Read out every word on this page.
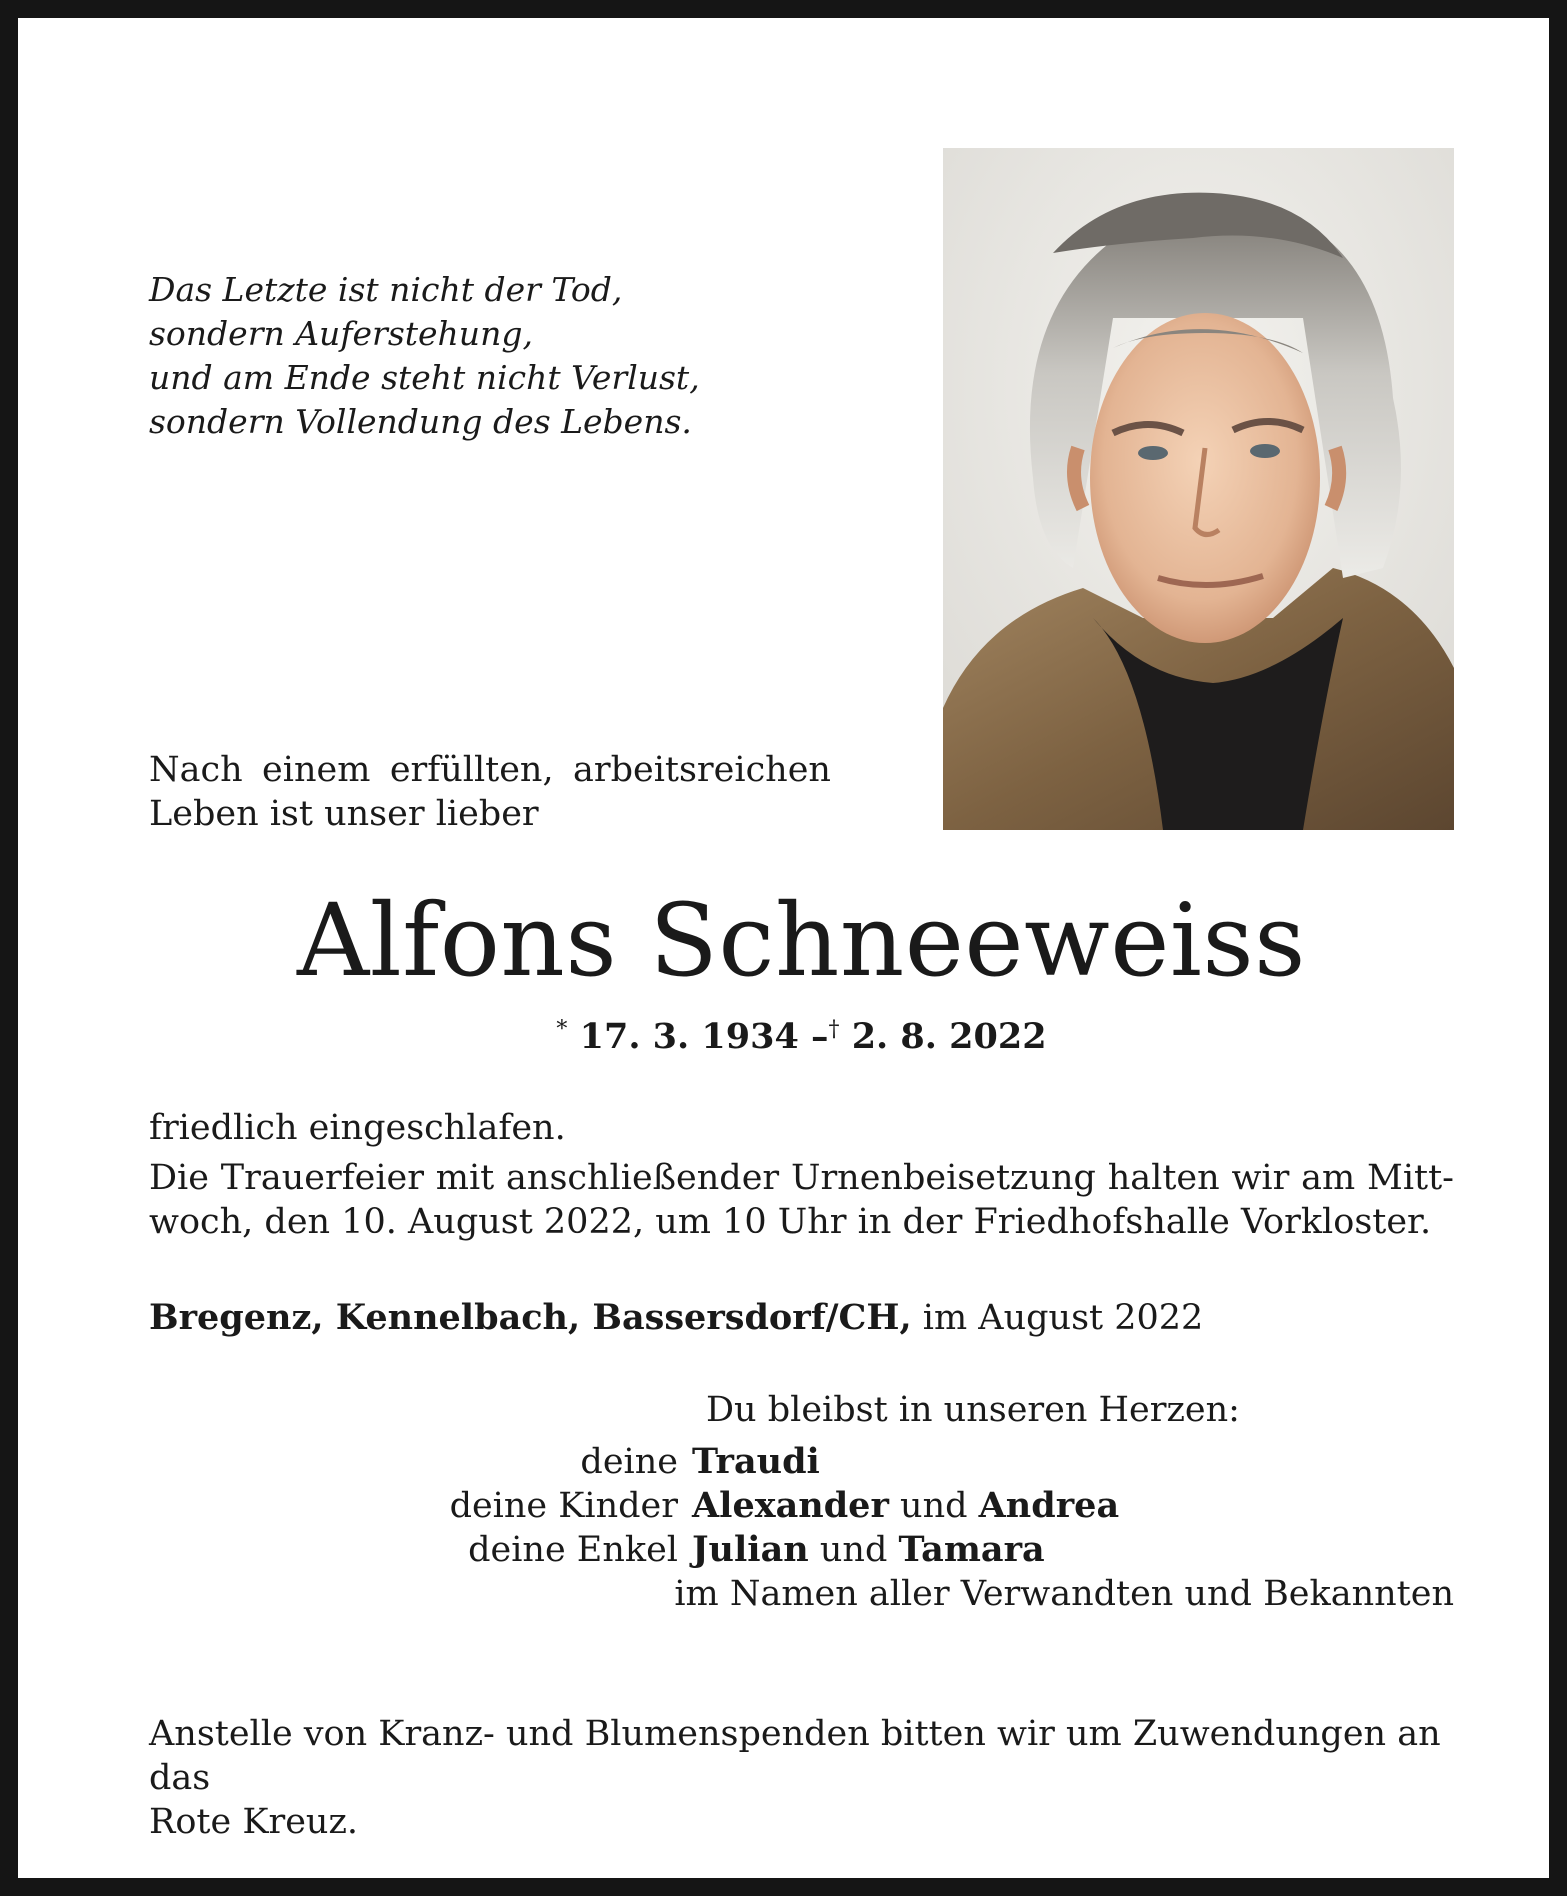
Das Letzte ist nicht der Tod,
sondern Auferstehung,
und am Ende steht nicht Verlust,
sondern Vollendung des Lebens.
Nach einem erfüllten, arbeitsreichen
Leben ist unser lieber
Alfons Schneeweiss
* 17. 3. 1934 –† 2. 8. 2022
friedlich eingeschlafen.
Die Trauerfeier mit anschließender Urnenbeisetzung halten wir am Mitt-woch, den 10. August 2022, um 10 Uhr in der Friedhofshalle Vorkloster.
Bregenz, Kennelbach, Bassersdorf/CH, im August 2022
Du bleibst in unseren Herzen:
deine Traudi
deine Kinder Alexander und Andrea
deine Enkel Julian und Tamara
im Namen aller Verwandten und Bekannten
Anstelle von Kranz- und Blumenspenden bitten wir um Zuwendungen an das
Rote Kreuz.
